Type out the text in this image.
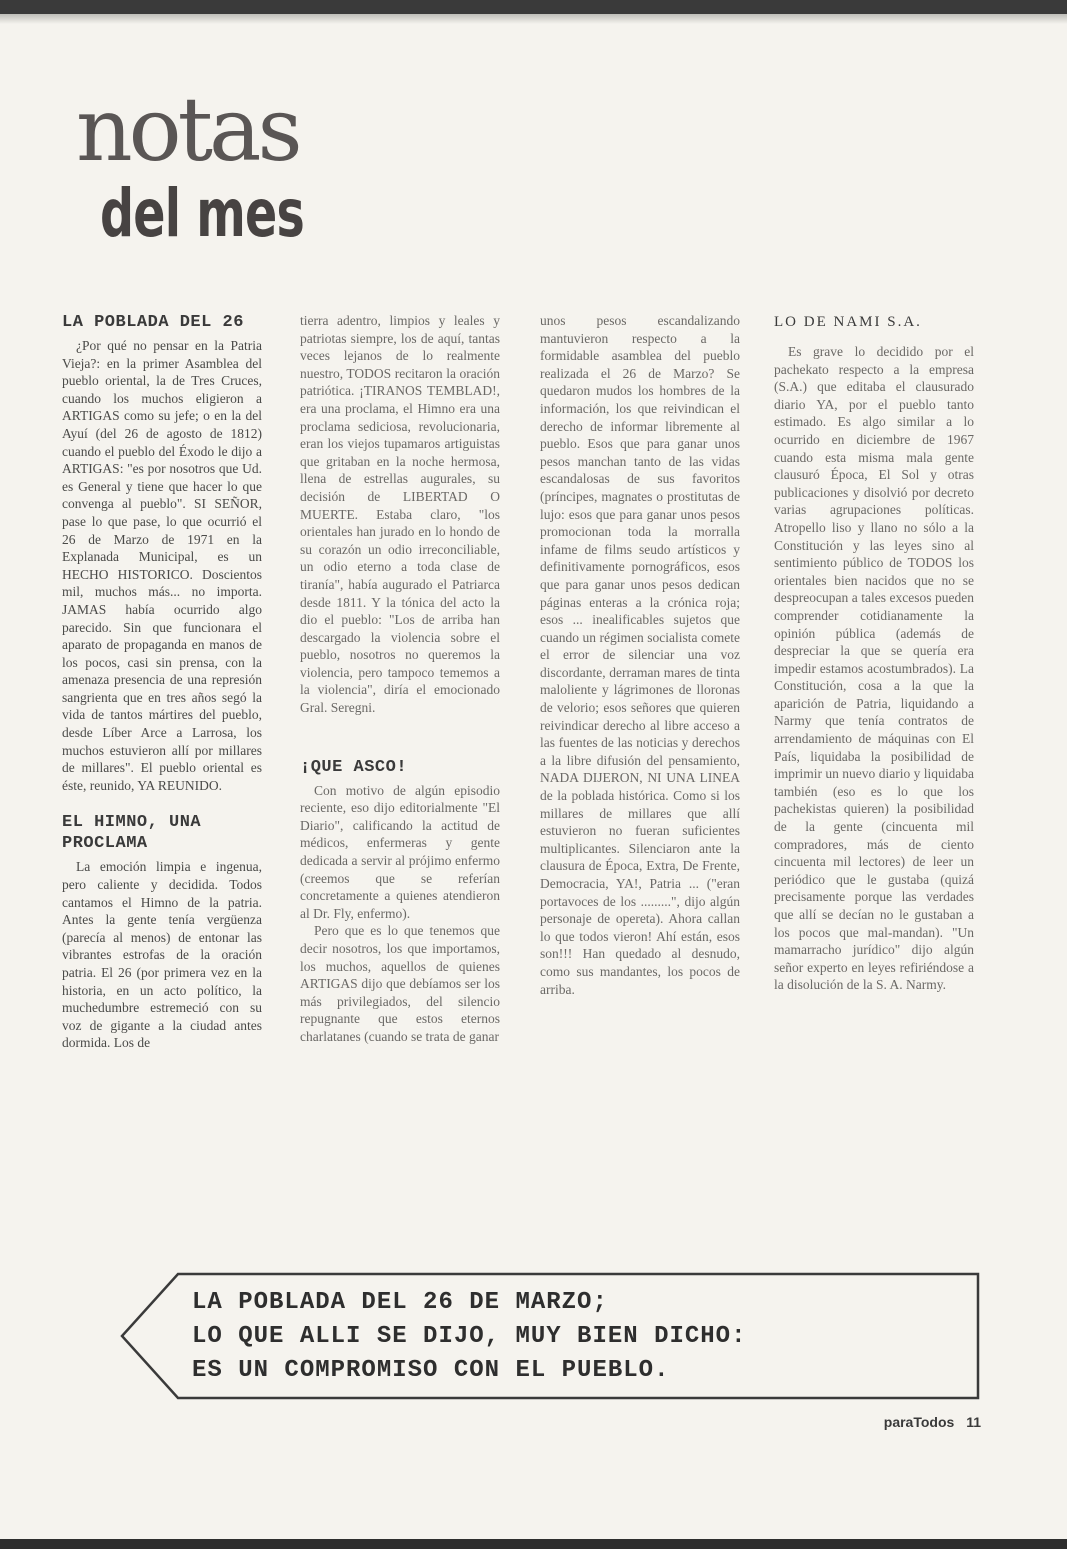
notas
del mes
LA POBLADA DEL 26

¿Por qué no pensar en la Patria Vieja?: en la primer Asamblea del pueblo oriental, la de Tres Cruces, cuando los muchos eligieron a ARTIGAS como su jefe; o en la del Ayuí (del 26 de agosto de 1812) cuando el pueblo del Éxodo le dijo a ARTIGAS: "es por nosotros que Ud. es General y tiene que hacer lo que convenga al pueblo". SI SEÑOR, pase lo que pase, lo que ocurrió el 26 de Marzo de 1971 en la Explanada Municipal, es un HECHO HISTORICO. Doscientos mil, muchos más... no importa. JAMAS había ocurrido algo parecido. Sin que funcionara el aparato de propaganda en manos de los pocos, casi sin prensa, con la amenaza presencia de una represión sangrienta que en tres años segó la vida de tantos mártires del pueblo, desde Líber Arce a Larrosa, los muchos estuvieron allí por millares de millares". El pueblo oriental es éste, reunido, YA REUNIDO.

EL HIMNO, UNA PROCLAMA

La emoción limpia e ingenua, pero caliente y decidida. Todos cantamos el Himno de la patria. Antes la gente tenía vergüenza (parecía al menos) de entonar las vibrantes estrofas de la oración patria. El 26 (por primera vez en la historia, en un acto político, la muchedumbre estremeció con su voz de gigante a la ciudad antes dormida. Los de

tierra adentro, limpios y leales y patriotas siempre, los de aquí, tantas veces lejanos de lo realmente nuestro, TODOS recitaron la oración patriótica. ¡TIRANOS TEMBLAD!, era una proclama, el Himno era una proclama sediciosa, revolucionaria, eran los viejos tupamaros artiguistas que gritaban en la noche hermosa, llena de estrellas augurales, su decisión de LIBERTAD O MUERTE. Estaba claro, "los orientales han jurado en lo hondo de su corazón un odio irreconciliable, un odio eterno a toda clase de tiranía", había augurado el Patriarca desde 1811. Y la tónica del acto la dio el pueblo: "Los de arriba han descargado la violencia sobre el pueblo, nosotros no queremos la violencia, pero tampoco tememos a la violencia", diría el emocionado Gral. Seregni.

¡QUE ASCO!

Con motivo de algún episodio reciente, eso dijo editorialmente "El Diario", calificando la actitud de médicos, enfermeras y gente dedicada a servir al prójimo enfermo (creemos que se referían concretamente a quienes atendieron al Dr. Fly, enfermo).

Pero que es lo que tenemos que decir nosotros, los que importamos, los muchos, aquellos de quienes ARTIGAS dijo que debíamos ser los más privilegiados, del silencio repugnante que estos eternos charlatanes (cuando se trata de ganar

unos pesos escandalizando mantuvieron respecto a la formidable asamblea del pueblo realizada el 26 de Marzo? Se quedaron mudos los hombres de la información, los que reivindican el derecho de informar libremente al pueblo. Esos que para ganar unos pesos manchan tanto de las vidas escandalosas de sus favoritos (príncipes, magnates o prostitutas de lujo: esos que para ganar unos pesos promocionan toda la morralla infame de films seudo artísticos y definitivamente pornográficos, esos que para ganar unos pesos dedican páginas enteras a la crónica roja; esos ... inealificables sujetos que cuando un régimen socialista comete el error de silenciar una voz discordante, derraman mares de tinta maloliente y lágrimones de lloronas de velorio; esos señores que quieren reivindicar derecho al libre acceso a las fuentes de las noticias y derechos a la libre difusión del pensamiento, NADA DIJERON, NI UNA LINEA de la poblada histórica. Como si los millares de millares que allí estuvieron no fueran suficientes multiplicantes. Silenciaron ante la clausura de Época, Extra, De Frente, Democracia, YA!, Patria ... ("eran portavoces de los .........", dijo algún personaje de opereta). Ahora callan lo que todos vieron! Ahí están, esos son!!! Han quedado al desnudo, como sus mandantes, los pocos de arriba.

LO DE NAMI S.A.

Es grave lo decidido por el pachekato respecto a la empresa (S.A.) que editaba el clausurado diario YA, por el pueblo tanto estimado. Es algo similar a lo ocurrido en diciembre de 1967 cuando esta misma mala gente clausuró Época, El Sol y otras publicaciones y disolvió por decreto varias agrupaciones políticas. Atropello liso y llano no sólo a la Constitución y las leyes sino al sentimiento público de TODOS los orientales bien nacidos que no se despreocupan a tales excesos pueden comprender cotidianamente la opinión pública (además de despreciar la que se quería era impedir estamos acostumbrados). La Constitución, cosa a la que la aparición de Patria, liquidando a Narmy que tenía contratos de arrendamiento de máquinas con El País, liquidaba la posibilidad de imprimir un nuevo diario y liquidaba también (eso es lo que los pachekistas quieren) la posibilidad de la gente (cincuenta mil compradores, más de ciento cincuenta mil lectores) de leer un periódico que le gustaba (quizá precisamente porque las verdades que allí se decían no le gustaban a los pocos que mal-mandan). "Un mamarracho jurídico" dijo algún señor experto en leyes refiriéndose a la disolución de la S. A. Narmy.

LA POBLADA DEL 26 DE MARZO;
LO QUE ALLI SE DIJO, MUY BIEN DICHO:
ES UN COMPROMISO CON EL PUEBLO.
paraTodos 11
